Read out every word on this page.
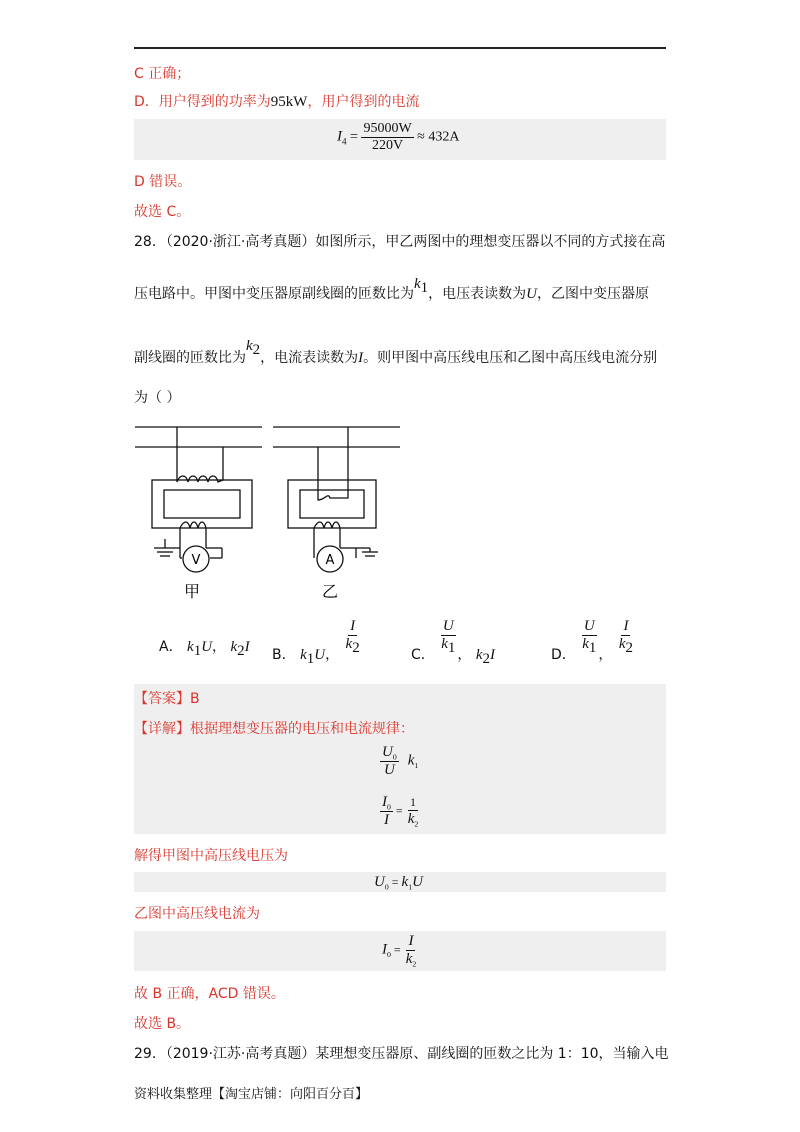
C 正确；
D．用户得到的功率为95kW，用户得到的电流
$I_4 = \frac{95000W}{220V} \approx 432A$
D 错误。
故选 C。
28．（2020·浙江·高考真题）如图所示，甲乙两图中的理想变压器以不同的方式接在高
压电路中。甲图中变压器原副线圈的匝数比为$k_1$，电压表读数为U，乙图中变压器原
副线圈的匝数比为$k_2$，电流表读数为I。则甲图中高压线电压和乙图中高压线电流分别
为（ ）
V	A
甲	乙
A． $k_1U$， $k_2I$
B． $k_1U$， $\frac{I}{k_2}$	C． $\frac{U}{k_1}$ ， $k_2I$	D． $\frac{U}{k_1}$ ， $\frac{I}{k_2}$
【答案】B
【详解】根据理想变压器的电压和电流规律：
$\frac{U_0}{U} k_1$
$\frac{I_0}{I} = \frac{1}{k_2}$
解得甲图中高压线电压为
$U_0 = k_1U$
乙图中高压线电流为
$I_0 = \frac{I}{k_2}$
故 B 正确，ACD 错误。
故选 B。
29．（2019·江苏·高考真题）某理想变压器原、副线圈的匝数之比为 1：10，当输入电
资料收集整理【淘宝店铺：向阳百分百】
